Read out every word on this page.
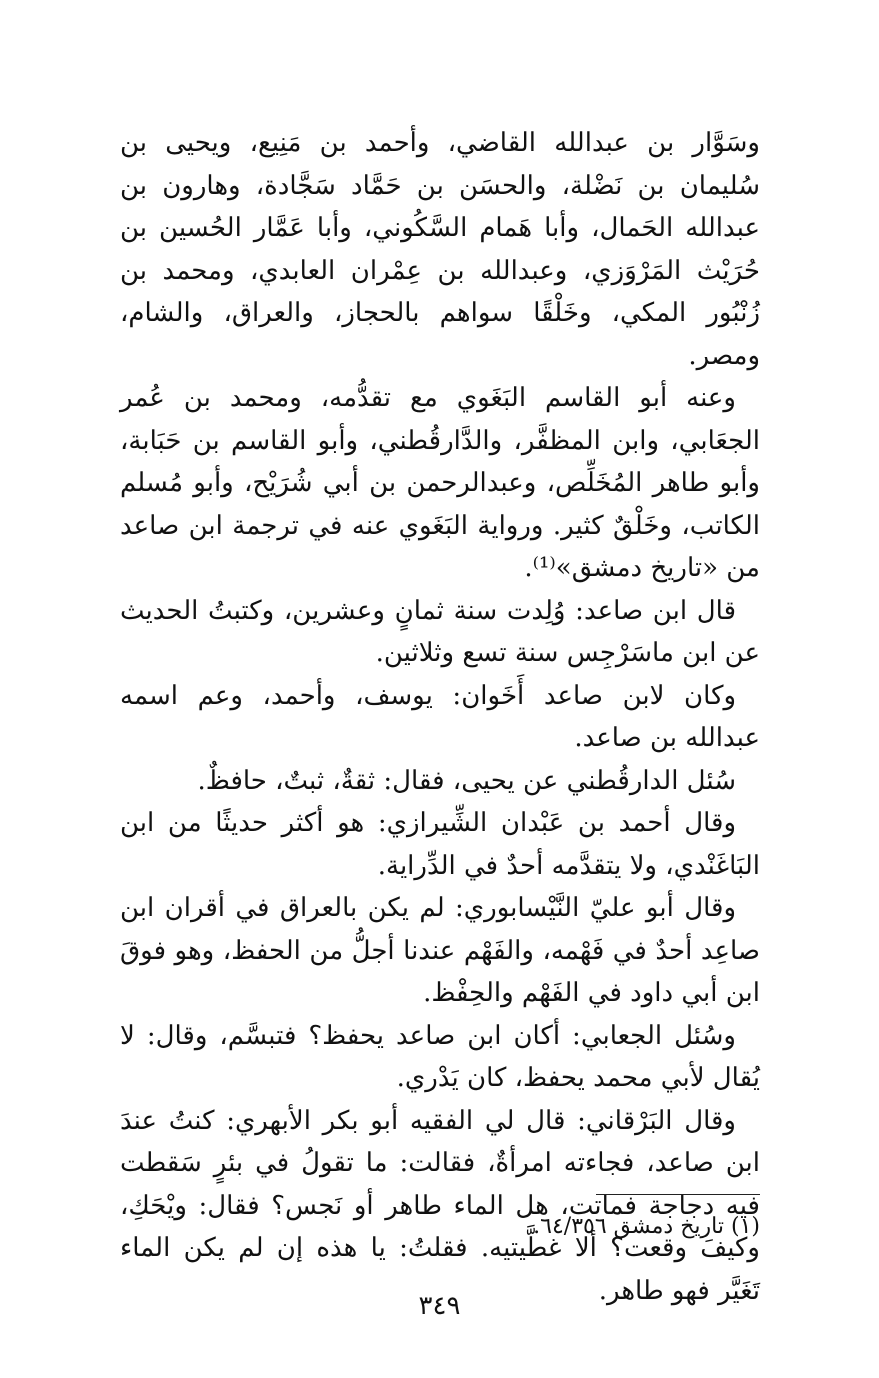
وسَوَّار بن عبدالله القاضي، وأحمد بن مَنِيع، ويحيى بن سُليمان بن نَضْلة، والحسَن بن حَمَّاد سَجَّادة، وهارون بن عبدالله الحَمال، وأبا هَمام السَّكُوني، وأبا عَمَّار الحُسين بن حُرَيْث المَرْوَزي، وعبدالله بن عِمْران العابدي، ومحمد بن زُنْبُور المكي، وخَلْقًا سواهم بالحجاز، والعراق، والشام، ومصر.

وعنه أبو القاسم البَغَوي مع تقدُّمه، ومحمد بن عُمر الجعَابي، وابن المظفَّر، والدَّارقُطني، وأبو القاسم بن حَبَابة، وأبو طاهر المُخَلِّص، وعبدالرحمن بن أبي شُرَيْح، وأبو مُسلم الكاتب، وخَلْقٌ كثير. ورواية البَغَوي عنه في ترجمة ابن صاعد من «تاريخ دمشق»⁽¹⁾.

قال ابن صاعد: وُلِدت سنة ثمانٍ وعشرين، وكتبتُ الحديث عن ابن ماسَرْجِس سنة تسع وثلاثين.

وكان لابن صاعد أَخَوان: يوسف، وأحمد، وعم اسمه عبدالله بن صاعد.

سُئل الدارقُطني عن يحيى، فقال: ثقةٌ، ثبتٌ، حافظٌ.

وقال أحمد بن عَبْدان الشِّيرازي: هو أكثر حديثًا من ابن البَاغَنْدي، ولا يتقدَّمه أحدٌ في الدِّراية.

وقال أبو عليّ النَّيْسابوري: لم يكن بالعراق في أقران ابن صاعِد أحدٌ في فَهْمه، والفَهْم عندنا أجلُّ من الحفظ، وهو فوقَ ابن أبي داود في الفَهْم والحِفْظ.

وسُئل الجعابي: أكان ابن صاعد يحفظ؟ فتبسَّم، وقال: لا يُقال لأبي محمد يحفظ، كان يَدْري.

وقال البَرْقاني: قال لي الفقيه أبو بكر الأبهري: كنتُ عندَ ابن صاعد، فجاءته امرأةٌ، فقالت: ما تقولُ في بئرٍ سَقطت فيه دجاجة فماتت، هل الماء طاهر أو نَجس؟ فقال: ويْحَكِ، وكيفَ وقعت؟ ألا غطَّيتيه. فقلتُ: يا هذه إن لم يكن الماء تَغَيَّر فهو طاهر.

(١) تاريخ دمشق ٦٤/٣٥٦.
٣٤٩
